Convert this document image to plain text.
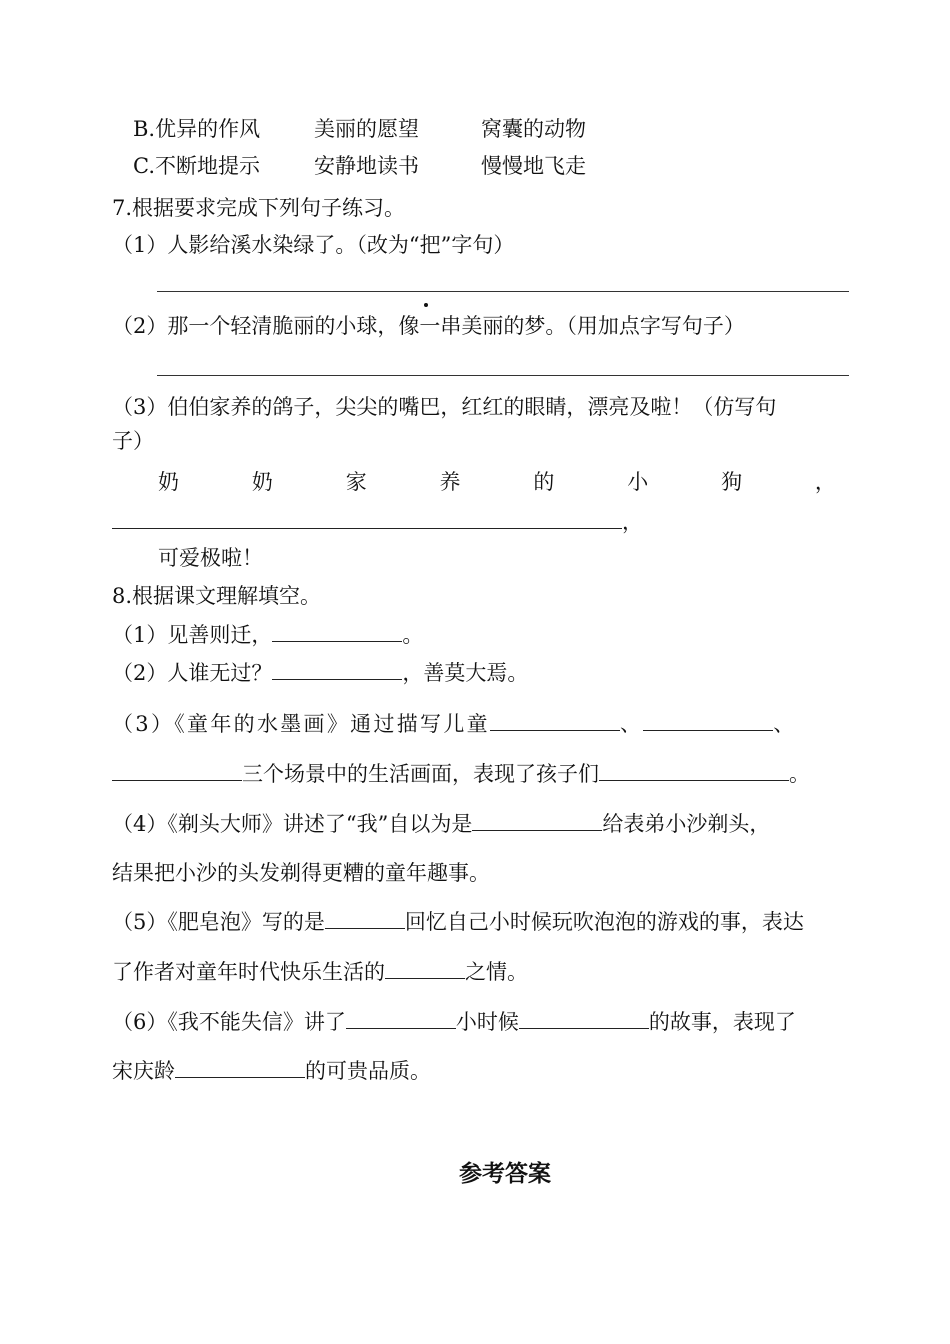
B.优异的作风	美丽的愿望	窝囊的动物
C.不断地提示	安静地读书	慢慢地飞走
7.根据要求完成下列句子练习。
（1）人影给溪水染绿了。（改为“把”字句）
（2）那一个轻清脆丽的小球，像一串美丽的梦。（用加点字写句子）
（3）伯伯家养的鸽子，尖尖的嘴巴，红红的眼睛，漂亮及啦！（仿写句
子）
奶	奶	家	养	的	小	狗	，
，
可爱极啦！
8.根据课文理解填空。
（1）见善则迁，	。
（2）人谁无过？	，善莫大焉。
（3）《童年的水墨画》通过描写儿童	、	、
三个场景中的生活画面，表现了孩子们	。
（4）《剃头大师》讲述了“我”自以为是	给表弟小沙剃头，
结果把小沙的头发剃得更糟的童年趣事。
（5）《肥皂泡》写的是	回忆自己小时候玩吹泡泡的游戏的事，表达
了作者对童年时代快乐生活的	之情。
（6）《我不能失信》讲了	小时候	的故事，表现了
宋庆龄	的可贵品质。
参考答案
